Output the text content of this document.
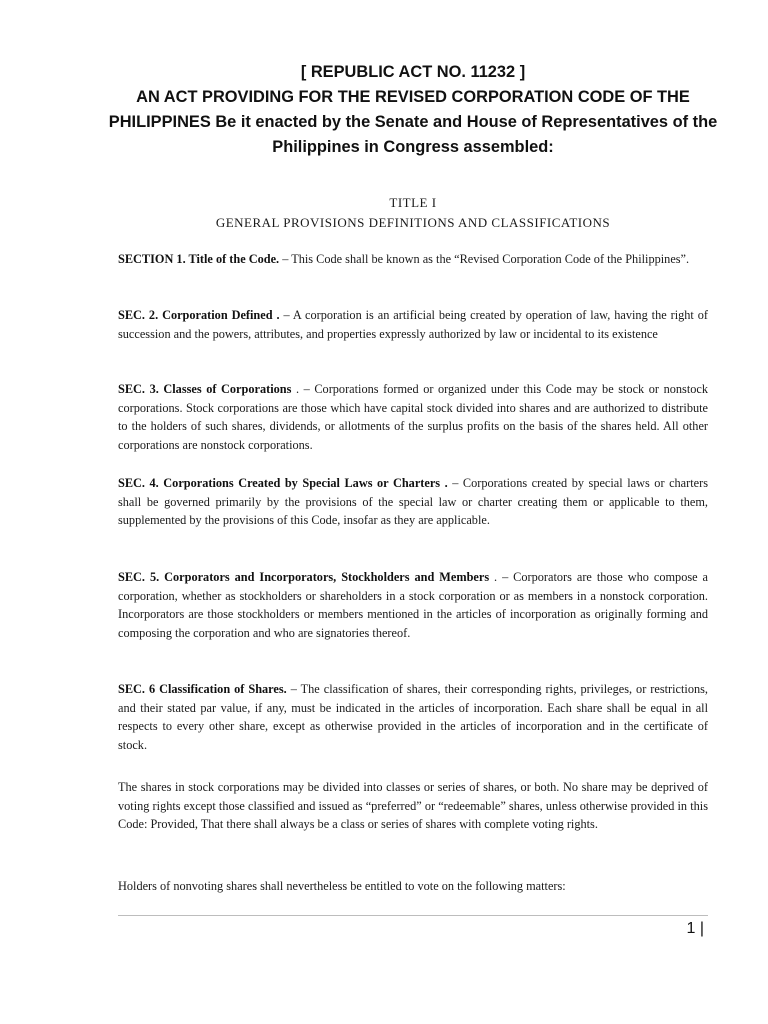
[ REPUBLIC ACT NO. 11232 ]
AN ACT PROVIDING FOR THE REVISED CORPORATION CODE OF THE
PHILIPPINES Be it enacted by the Senate and House of Representatives of the
Philippines in Congress assembled:
TITLE I
GENERAL PROVISIONS DEFINITIONS AND CLASSIFICATIONS

SECTION 1. Title of the Code. – This Code shall be known as the “Revised Corporation Code of the Philippines”.

SEC. 2. Corporation Defined . – A corporation is an artificial being created by operation of law, having the right of succession and the powers, attributes, and properties expressly authorized by law or incidental to its existence

SEC. 3. Classes of Corporations . – Corporations formed or organized under this Code may be stock or nonstock corporations. Stock corporations are those which have capital stock divided into shares and are authorized to distribute to the holders of such shares, dividends, or allotments of the surplus profits on the basis of the shares held. All other corporations are nonstock corporations.

SEC. 4. Corporations Created by Special Laws or Charters . – Corporations created by special laws or charters shall be governed primarily by the provisions of the special law or charter creating them or applicable to them, supplemented by the provisions of this Code, insofar as they are applicable.

SEC. 5. Corporators and Incorporators, Stockholders and Members . – Corporators are those who compose a corporation, whether as stockholders or shareholders in a stock corporation or as members in a nonstock corporation. Incorporators are those stockholders or members mentioned in the articles of incorporation as originally forming and composing the corporation and who are signatories thereof.

SEC. 6 Classification of Shares. – The classification of shares, their corresponding rights, privileges, or restrictions, and their stated par value, if any, must be indicated in the articles of incorporation. Each share shall be equal in all respects to every other share, except as otherwise provided in the articles of incorporation and in the certificate of stock.

The shares in stock corporations may be divided into classes or series of shares, or both. No share may be deprived of voting rights except those classified and issued as “preferred” or “redeemable” shares, unless otherwise provided in this Code: Provided, That there shall always be a class or series of shares with complete voting rights.

Holders of nonvoting shares shall nevertheless be entitled to vote on the following matters:

1 |
